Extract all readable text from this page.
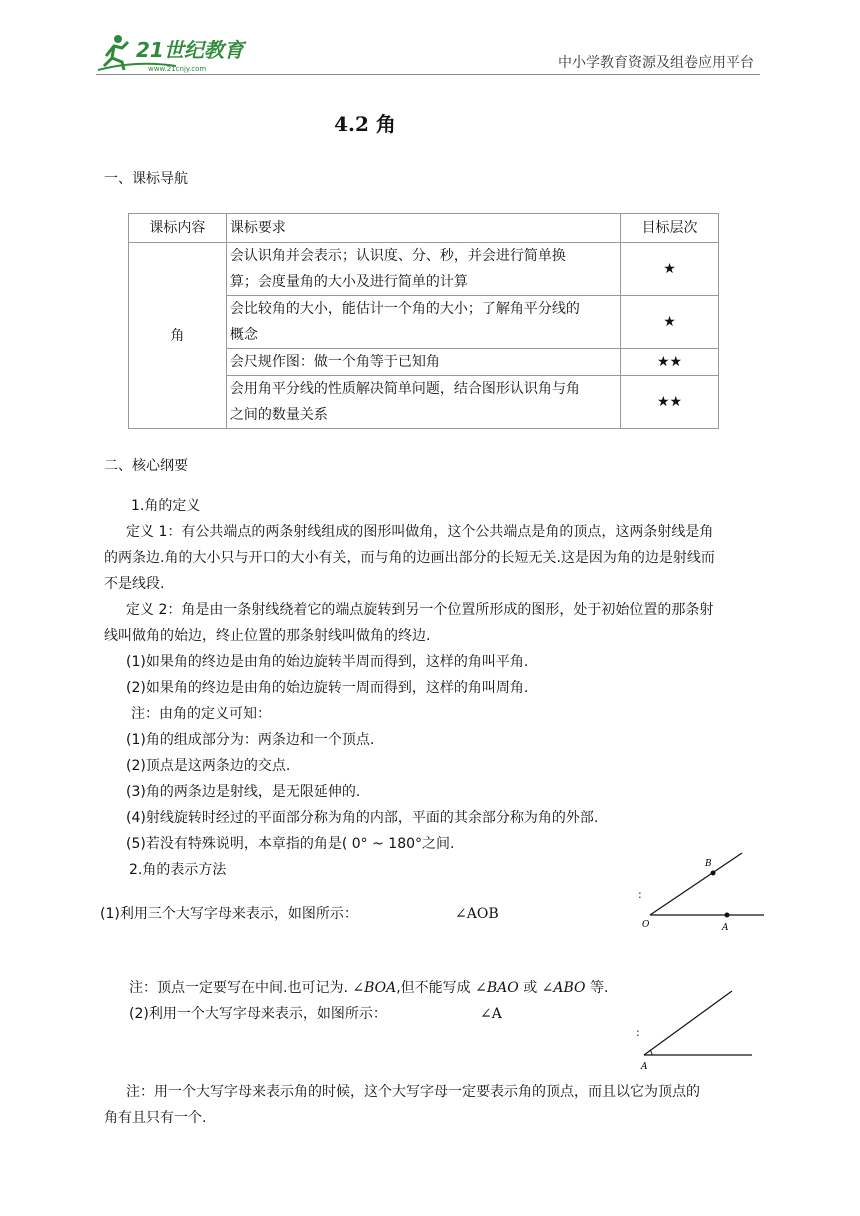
21世纪教育
www.21cnjy.com	中小学教育资源及组卷应用平台
4.2 角
一、课标导航
课标内容	课标要求	目标层次
角	会认识角并会表示；认识度、分、秒，并会进行简单换
算；会度量角的大小及进行简单的计算	★

	会比较角的大小，能估计一个角的大小；了解角平分线的
概念	★
	会尺规作图：做一个角等于已知角	★★

	会用角平分线的性质解决简单问题，结合图形认识角与角
之间的数量关系	★★
二、核心纲要
1.角的定义
定义 1：有公共端点的两条射线组成的图形叫做角，这个公共端点是角的顶点，这两条射线是角
的两条边.角的大小只与开口的大小有关，而与角的边画出部分的长短无关.这是因为角的边是射线而
不是线段.
定义 2：角是由一条射线绕着它的端点旋转到另一个位置所形成的图形，处于初始位置的那条射
线叫做角的始边，终止位置的那条射线叫做角的终边.
(1)如果角的终边是由角的始边旋转半周而得到，这样的角叫平角.
(2)如果角的终边是由角的始边旋转一周而得到，这样的角叫周角.
注：由角的定义可知：
(1)角的组成部分为：两条边和一个顶点.
(2)顶点是这两条边的交点.
(3)角的两条边是射线，是无限延伸的.
(4)射线旋转时经过的平面部分称为角的内部，平面的其余部分称为角的外部.
(5)若没有特殊说明，本章指的角是( 0° ~ 180°之间.
2.角的表示方法
(1)利用三个大写字母来表示，如图所示：	∠AOB
:
B
O	A
注：顶点一定要写在中间.也可记为. ∠BOA,但不能写成 ∠BAO 或 ∠ABO 等.
(2)利用一个大写字母来表示，如图所示：	∠A
:
A
注：用一个大写字母来表示角的时候，这个大写字母一定要表示角的顶点，而且以它为顶点的
角有且只有一个.
